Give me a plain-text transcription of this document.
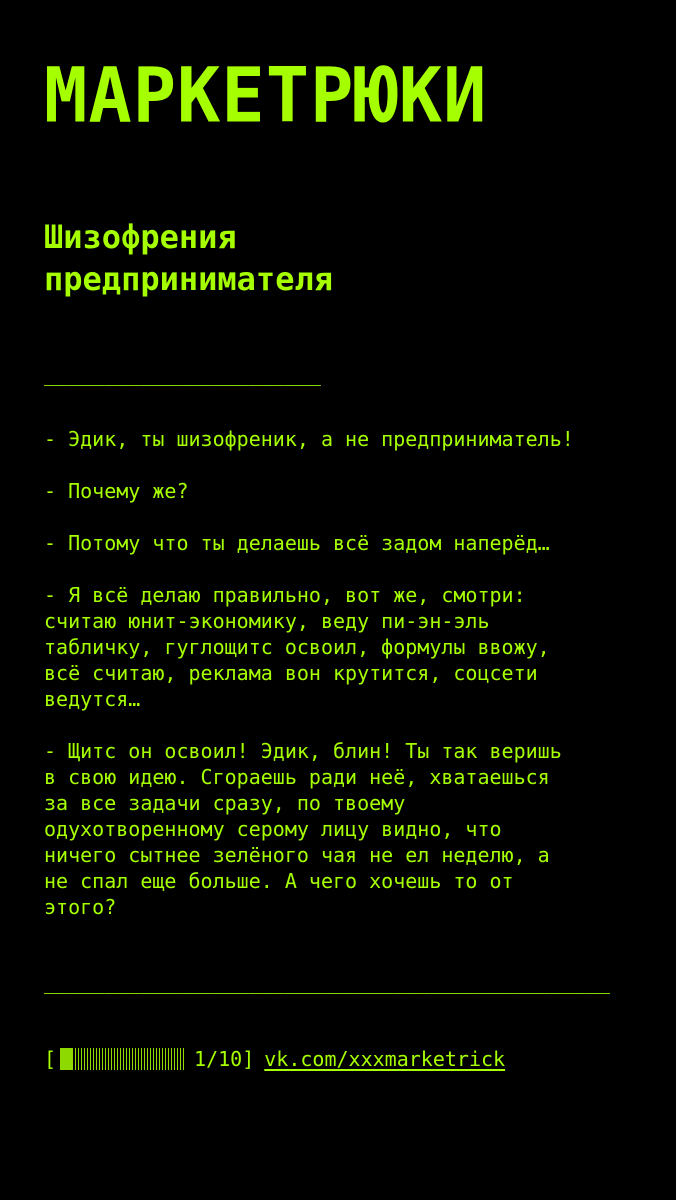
МАРКЕТРЮКИ
Шизофрения
предпринимателя
_______________________

- Эдик, ты шизофреник, а не предприниматель!

- Почему же?

- Потому что ты делаешь всё задом наперёд…

- Я всё делаю правильно, вот же, смотри:
считаю юнит-экономику, веду пи-эн-эль
табличку, гуглощитс освоил, формулы ввожу,
всё считаю, реклама вон крутится, соцсети
ведутся…

- Щитс он освоил! Эдик, блин! Ты так веришь
в свою идею. Сгораешь ради неё, хватаешься
за все задачи сразу, по твоему
одухотворенному серому лицу видно, что
ничего сытнее зелёного чая не ел неделю, а
не спал еще больше. А чего хочешь то от
этого?

_______________________________________________
[	1/10] vk.com/xxxmarketrick
